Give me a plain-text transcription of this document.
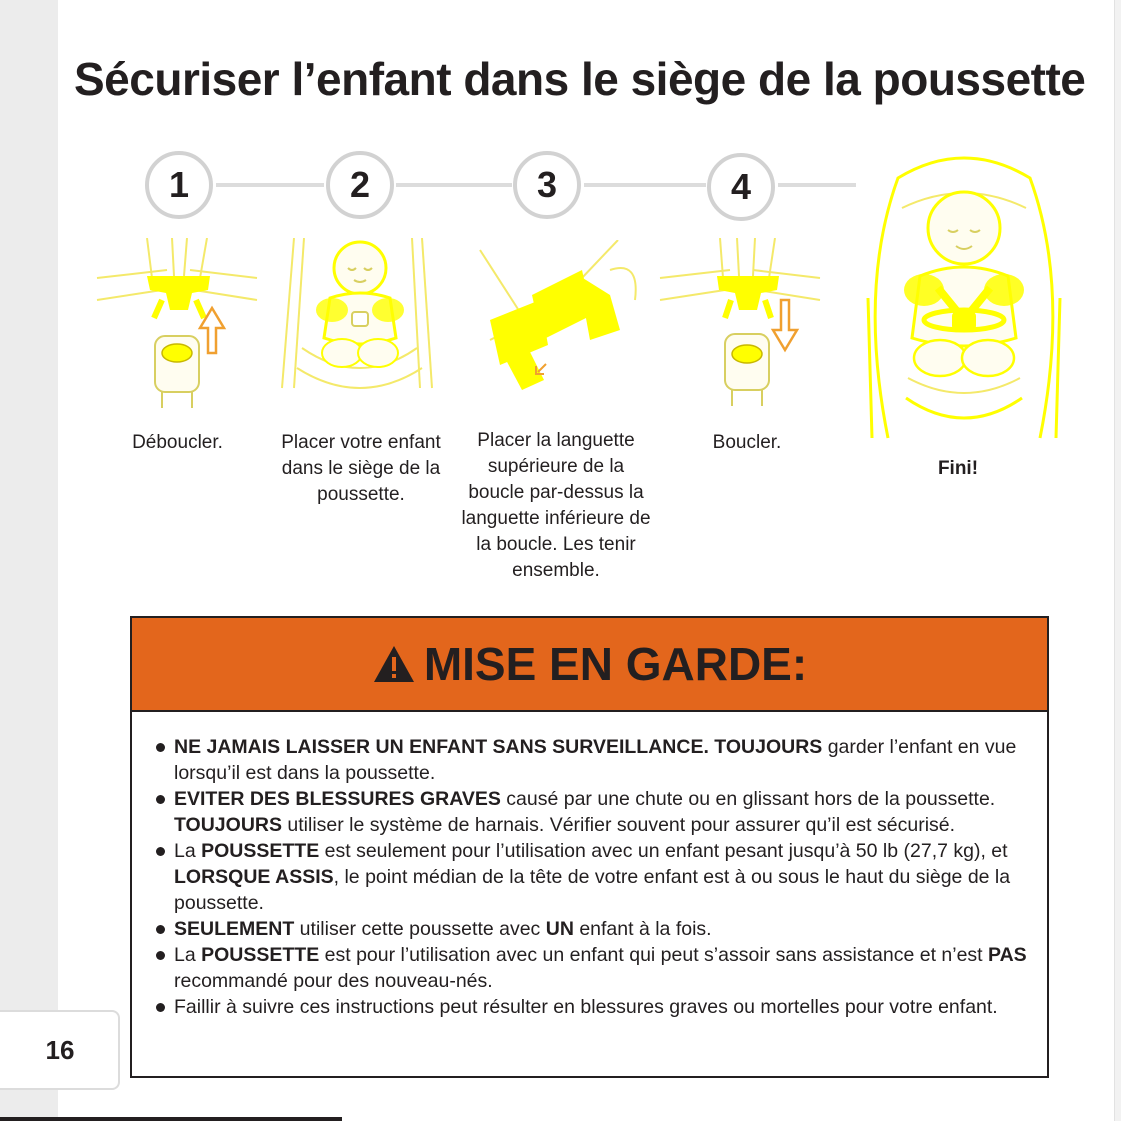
16
Sécuriser l’enfant dans le siège de la poussette
1	2	3	4
Déboucler.	Placer votre enfant dans le siège de la poussette.
Placer la languette supérieure de la boucle par-dessus la languette inférieure de la boucle. Les tenir ensemble.
Boucler.
Fini!
MISE EN GARDE:
NE JAMAIS LAISSER UN ENFANT SANS SURVEILLANCE. TOUJOURS garder l’enfant en vue lorsqu’il est dans la poussette.
EVITER DES BLESSURES GRAVES causé par une chute ou en glissant hors de la poussette. TOUJOURS utiliser le système de harnais. Vérifier souvent pour assurer qu’il est sécurisé.
La POUSSETTE est seulement pour l’utilisation avec un enfant pesant jusqu’à 50 lb (27,7 kg), et LORSQUE ASSIS, le point médian de la tête de votre enfant est à ou sous le haut du siège de la poussette.
SEULEMENT utiliser cette poussette avec UN enfant à la fois.
La POUSSETTE est pour l’utilisation avec un enfant qui peut s’assoir sans assistance et n’est PAS recommandé pour des nouveau-nés.
Faillir à suivre ces instructions peut résulter en blessures graves ou mortelles pour votre enfant.
